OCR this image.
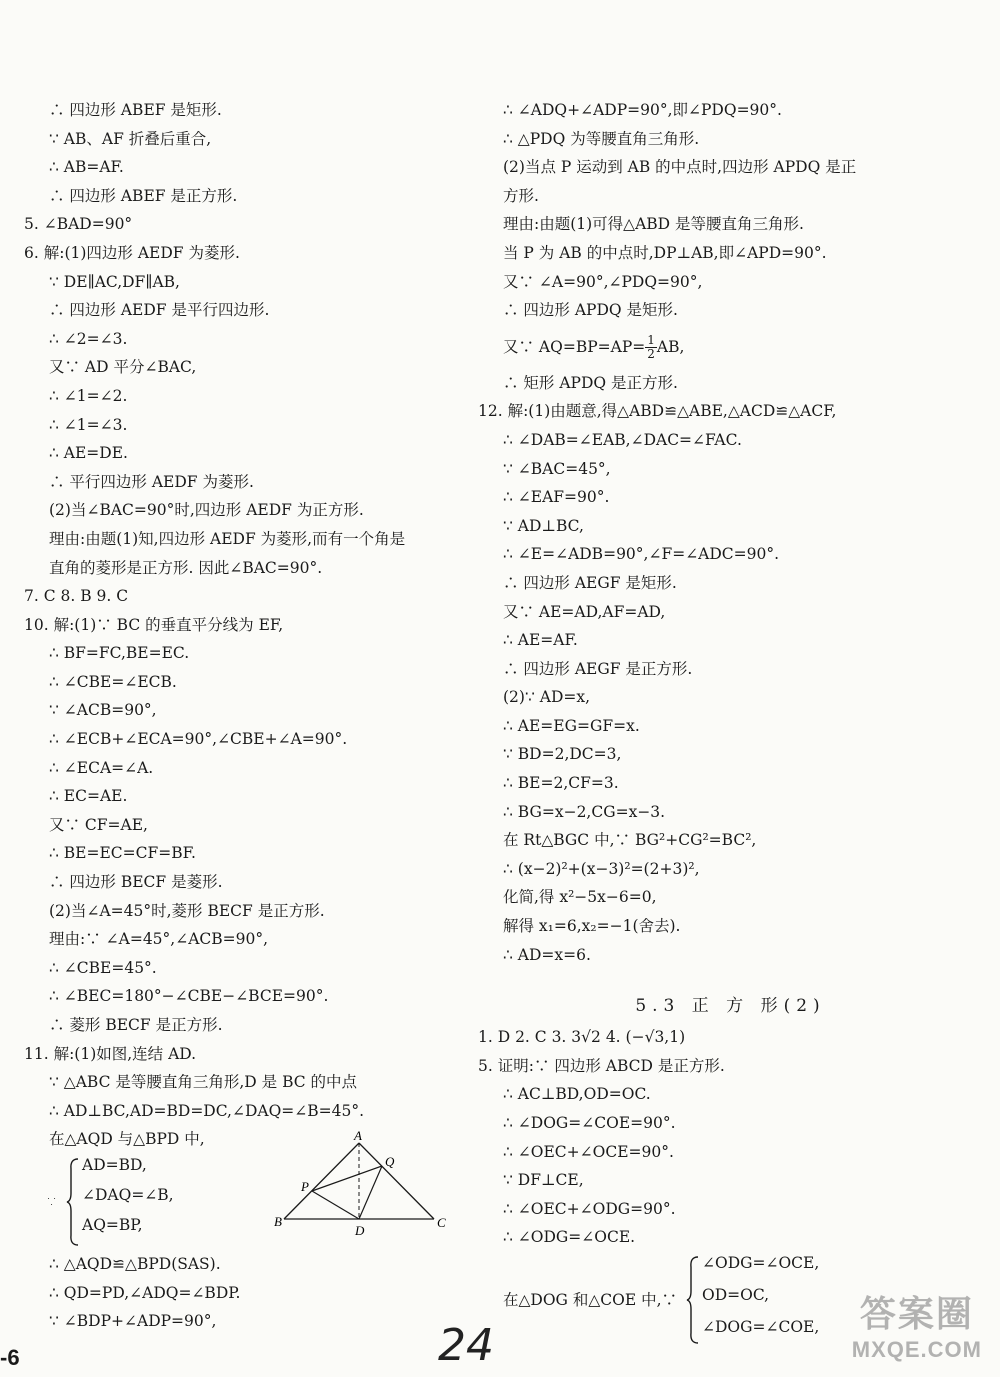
∴ 四边形 ABEF 是矩形.
∵ AB、AF 折叠后重合,
∴ AB=AF.
∴ 四边形 ABEF 是正方形.
5. ∠BAD=90°
6. 解:(1)四边形 AEDF 为菱形.
∵ DE∥AC,DF∥AB,
∴ 四边形 AEDF 是平行四边形.
∴ ∠2=∠3.
又∵ AD 平分∠BAC,
∴ ∠1=∠2.
∴ ∠1=∠3.
∴ AE=DE.
∴ 平行四边形 AEDF 为菱形.
(2)当∠BAC=90°时,四边形 AEDF 为正方形.
理由:由题(1)知,四边形 AEDF 为菱形,而有一个角是
直角的菱形是正方形. 因此∠BAC=90°.
7. C 8. B 9. C
10. 解:(1)∵ BC 的垂直平分线为 EF,
∴ BF=FC,BE=EC.
∴ ∠CBE=∠ECB.
∵ ∠ACB=90°,
∴ ∠ECB+∠ECA=90°,∠CBE+∠A=90°.
∴ ∠ECA=∠A.
∴ EC=AE.
又∵ CF=AE,
∴ BE=EC=CF=BF.
∴ 四边形 BECF 是菱形.
(2)当∠A=45°时,菱形 BECF 是正方形.
理由:∵ ∠A=45°,∠ACB=90°,
∴ ∠CBE=45°.
∴ ∠BEC=180°−∠CBE−∠BCE=90°.
∴ 菱形 BECF 是正方形.
11. 解:(1)如图,连结 AD.
∵ △ABC 是等腰直角三角形,D 是 BC 的中点
∴ AD⊥BC,AD=BD=DC,∠DAQ=∠B=45°.
在△AQD 与△BPD 中,
∵
AD=BD,
∠DAQ=∠B,
AQ=BP,
A
B	C
D
P
Q
∴ △AQD≌△BPD(SAS).
∴ QD=PD,∠ADQ=∠BDP.
∵ ∠BDP+∠ADP=90°,
∴ ∠ADQ+∠ADP=90°,即∠PDQ=90°.
∴ △PDQ 为等腰直角三角形.
(2)当点 P 运动到 AB 的中点时,四边形 APDQ 是正
方形.
理由:由题(1)可得△ABD 是等腰直角三角形.
当 P 为 AB 的中点时,DP⊥AB,即∠APD=90°.
又∵ ∠A=90°,∠PDQ=90°,
∴ 四边形 APDQ 是矩形.
又∵ $AQ=BP=AP= \frac{1}{2}$ AB,
∴ 矩形 APDQ 是正方形.
12. 解:(1)由题意,得△ABD≌△ABE,△ACD≌△ACF,
∴ ∠DAB=∠EAB,∠DAC=∠FAC.
∵ ∠BAC=45°,
∴ ∠EAF=90°.
∵ AD⊥BC,
∴ ∠E=∠ADB=90°,∠F=∠ADC=90°.
∴ 四边形 AEGF 是矩形.
又∵ AE=AD,AF=AD,
∴ AE=AF.
∴ 四边形 AEGF 是正方形.
(2)∵ AD=x,
∴ AE=EG=GF=x.
∵ BD=2,DC=3,
∴ BE=2,CF=3.
∴ BG=x−2,CG=x−3.
在 Rt△BGC 中,∵ BG²+CG²=BC²,
∴ (x−2)²+(x−3)²=(2+3)²,
化简,得 x²−5x−6=0,
解得 x₁=6,x₂=−1(舍去).
∴ AD=x=6.
5.3 正 方 形(2)
1. D 2. C 3. 3√2 4. (−√3,1)
5. 证明:∵ 四边形 ABCD 是正方形.
∴ AC⊥BD,OD=OC.
∴ ∠DOG=∠COE=90°.
∴ ∠OEC+∠OCE=90°.
∵ DF⊥CE,
∴ ∠OEC+∠ODG=90°.
∴ ∠ODG=∠OCE.
在△DOG 和△COE 中,∵
∠ODG=∠OCE,
OD=OC,
∠DOG=∠COE,
-6	24
答案圈
MXQE.COM
